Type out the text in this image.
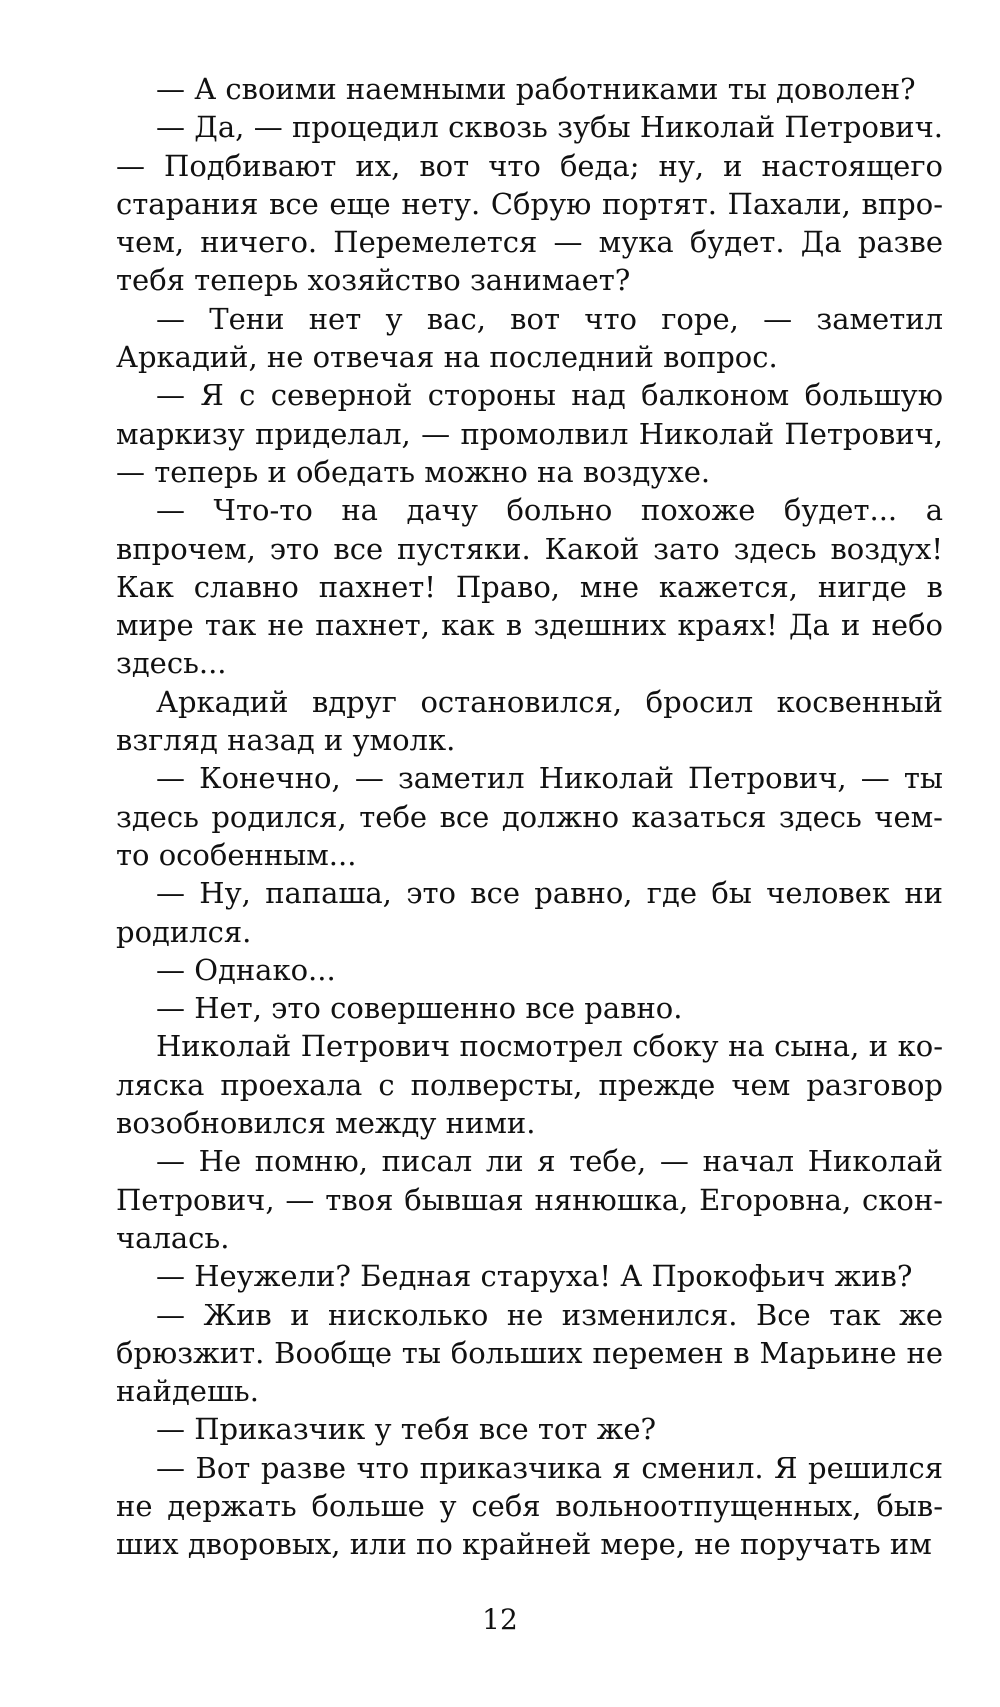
— А своими наемными работниками ты доволен?

— Да, — процедил сквозь зубы Николай Петрович. — Подбивают их, вот что беда; ну, и настоящего старания все еще нету. Сбрую портят. Пахали, впрочем, ничего. Перемелется — мука будет. Да разве тебя теперь хозяйство занимает?

— Тени нет у вас, вот что горе, — заметил Аркадий, не отвечая на последний вопрос.

— Я с северной стороны над балконом большую маркизу приделал, — промолвил Николай Петрович, — теперь и обедать можно на воздухе.

— Что-то на дачу больно похоже будет... а впрочем, это все пустяки. Какой зато здесь воздух! Как славно пахнет! Право, мне кажется, нигде в мире так не пахнет, как в здешних краях! Да и небо здесь...

Аркадий вдруг остановился, бросил косвенный взгляд назад и умолк.

— Конечно, — заметил Николай Петрович, — ты здесь родился, тебе все должно казаться здесь чем-то особенным...

— Ну, папаша, это все равно, где бы человек ни родился.

— Однако...

— Нет, это совершенно все равно.

Николай Петрович посмотрел сбоку на сына, и коляска проехала с полверсты, прежде чем разговор возобновился между ними.

— Не помню, писал ли я тебе, — начал Николай Петрович, — твоя бывшая нянюшка, Егоровна, скончалась.

— Неужели? Бедная старуха! А Прокофьич жив?

— Жив и нисколько не изменился. Все так же брюзжит. Вообще ты больших перемен в Марьине не найдешь.

— Приказчик у тебя все тот же?

— Вот разве что приказчика я сменил. Я решился не держать больше у себя вольноотпущенных, бывших дворовых, или по крайней мере, не поручать им

12
